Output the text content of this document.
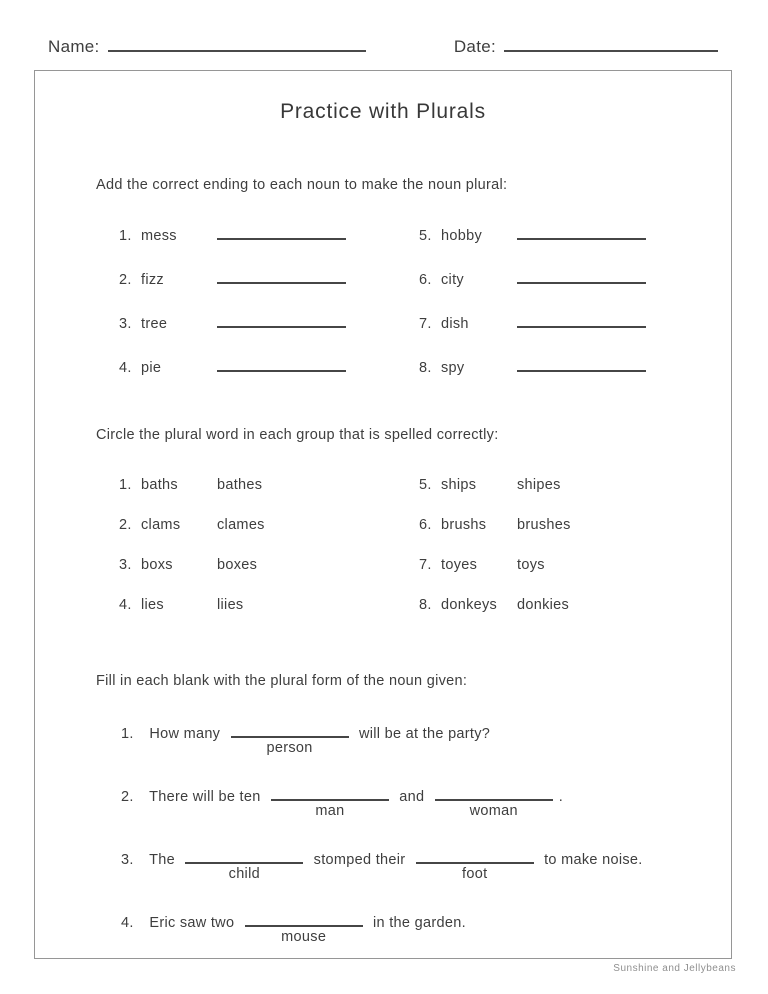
Name:	Date:
Practice with Plurals

Add the correct ending to each noun to make the noun plural:

1. mess
2. fizz
3. tree
4. pie
5. hobby
6. city
7. dish
8. spy

Circle the plural word in each group that is spelled correctly:

1. baths	bathes
2. clams	clames
3. boxs	boxes
4. lies	liies
5. ships	shipes
6. brushs	brushes
7. toyes	toys
8. donkeys	donkies

Fill in each blank with the plural form of the noun given:

1. How many
person
will be at the party?
2. There will be ten
man
and
woman
.
3. The
child
stomped their
foot
to make noise.
4. Eric saw two
mouse
in the garden.
Sunshine and Jellybeans
